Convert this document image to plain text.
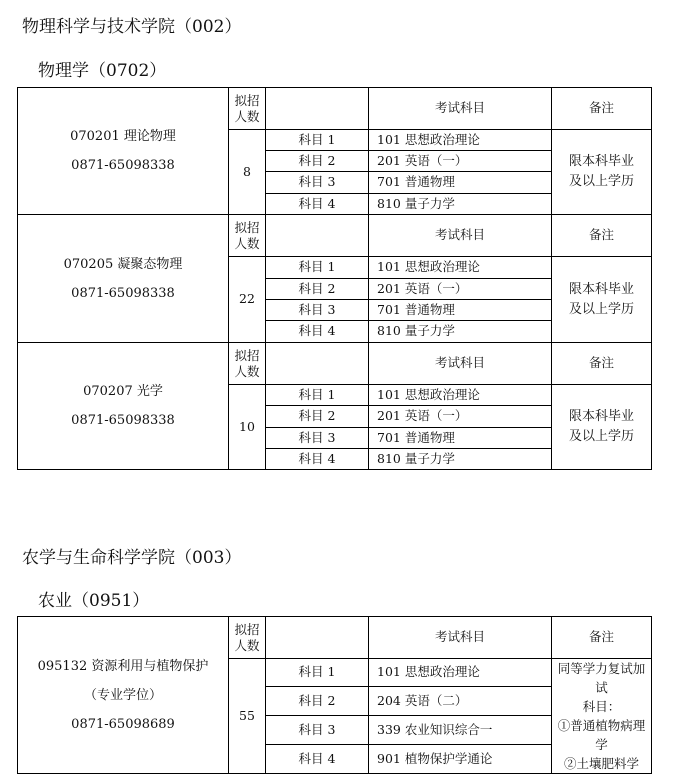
物理科学与技术学院（002）
物理学（0702）
070201 理论物理
0871-65098338	拟招
人数		考试科目	备注
	8	科目 1	101 思想政治理论	限本科毕业
及以上学历

		科目 2	201 英语（一）	
		科目 3	701 普通物理	
		科目 4	810 量子力学	

070205 凝聚态物理
0871-65098338	拟招
人数		考试科目	备注
	22	科目 1	101 思想政治理论	限本科毕业
及以上学历

		科目 2	201 英语（一）	
		科目 3	701 普通物理	
		科目 4	810 量子力学	

070207 光学
0871-65098338	拟招
人数		考试科目	备注
	10	科目 1	101 思想政治理论	限本科毕业
及以上学历

		科目 2	201 英语（一）	
		科目 3	701 普通物理	
		科目 4	810 量子力学	
农学与生命科学学院（003）
农业（0951）
095132 资源利用与植物保护
（专业学位）
0871-65098689	拟招
人数		考试科目	备注
	55	科目 1	101 思想政治理论	同等学力复试加试
科目：
①普通植物病理学
②土壤肥料学

		科目 2	204 英语（二）	
		科目 3	339 农业知识综合一	
		科目 4	901 植物保护学通论	
